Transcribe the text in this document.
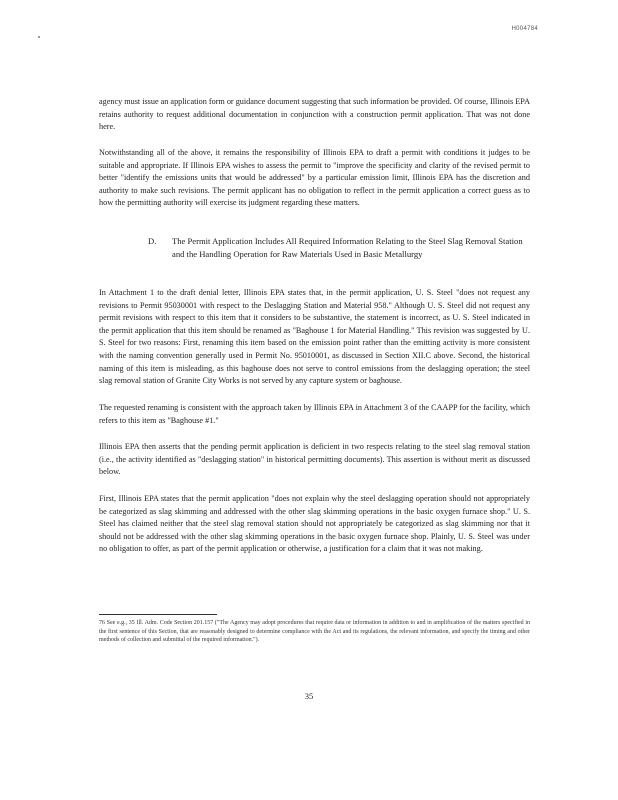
H004784

agency must issue an application form or guidance document suggesting that such information be provided. Of course, Illinois EPA retains authority to request additional documentation in conjunction with a construction permit application. That was not done here.

Notwithstanding all of the above, it remains the responsibility of Illinois EPA to draft a permit with conditions it judges to be suitable and appropriate. If Illinois EPA wishes to assess the permit to "improve the specificity and clarity of the revised permit to better "identify the emissions units that would be addressed" by a particular emission limit, Illinois EPA has the discretion and authority to make such revisions. The permit applicant has no obligation to reflect in the permit application a correct guess as to how the permitting authority will exercise its judgment regarding these matters.

D. The Permit Application Includes All Required Information Relating to the Steel Slag Removal Station and the Handling Operation for Raw Materials Used in Basic Metallurgy

In Attachment 1 to the draft denial letter, Illinois EPA states that, in the permit application, U. S. Steel "does not request any revisions to Permit 95030001 with respect to the Deslagging Station and Material 958." Although U. S. Steel did not request any permit revisions with respect to this item that it considers to be substantive, the statement is incorrect, as U. S. Steel indicated in the permit application that this item should be renamed as "Baghouse 1 for Material Handling." This revision was suggested by U. S. Steel for two reasons: First, renaming this item based on the emission point rather than the emitting activity is more consistent with the naming convention generally used in Permit No. 95010001, as discussed in Section XII.C above. Second, the historical naming of this item is misleading, as this baghouse does not serve to control emissions from the deslagging operation; the steel slag removal station of Granite City Works is not served by any capture system or baghouse.

The requested renaming is consistent with the approach taken by Illinois EPA in Attachment 3 of the CAAPP for the facility, which refers to this item as "Baghouse #1."

Illinois EPA then asserts that the pending permit application is deficient in two respects relating to the steel slag removal station (i.e., the activity identified as "deslagging station" in historical permitting documents). This assertion is without merit as discussed below.

First, Illinois EPA states that the permit application "does not explain why the steel deslagging operation should not appropriately be categorized as slag skimming and addressed with the other slag skimming operations in the basic oxygen furnace shop." U. S. Steel has claimed neither that the steel slag removal station should not appropriately be categorized as slag skimming nor that it should not be addressed with the other slag skimming operations in the basic oxygen furnace shop. Plainly, U. S. Steel was under no obligation to offer, as part of the permit application or otherwise, a justification for a claim that it was not making.

76 See e.g., 35 Ill. Adm. Code Section 201.157 ("The Agency may adopt procedures that require data or information in addition to and in amplification of the matters specified in the first sentence of this Section, that are reasonably designed to determine compliance with the Act and its regulations, the relevant information, and specify the timing and other methods of collection and submittal of the required information.").

35
